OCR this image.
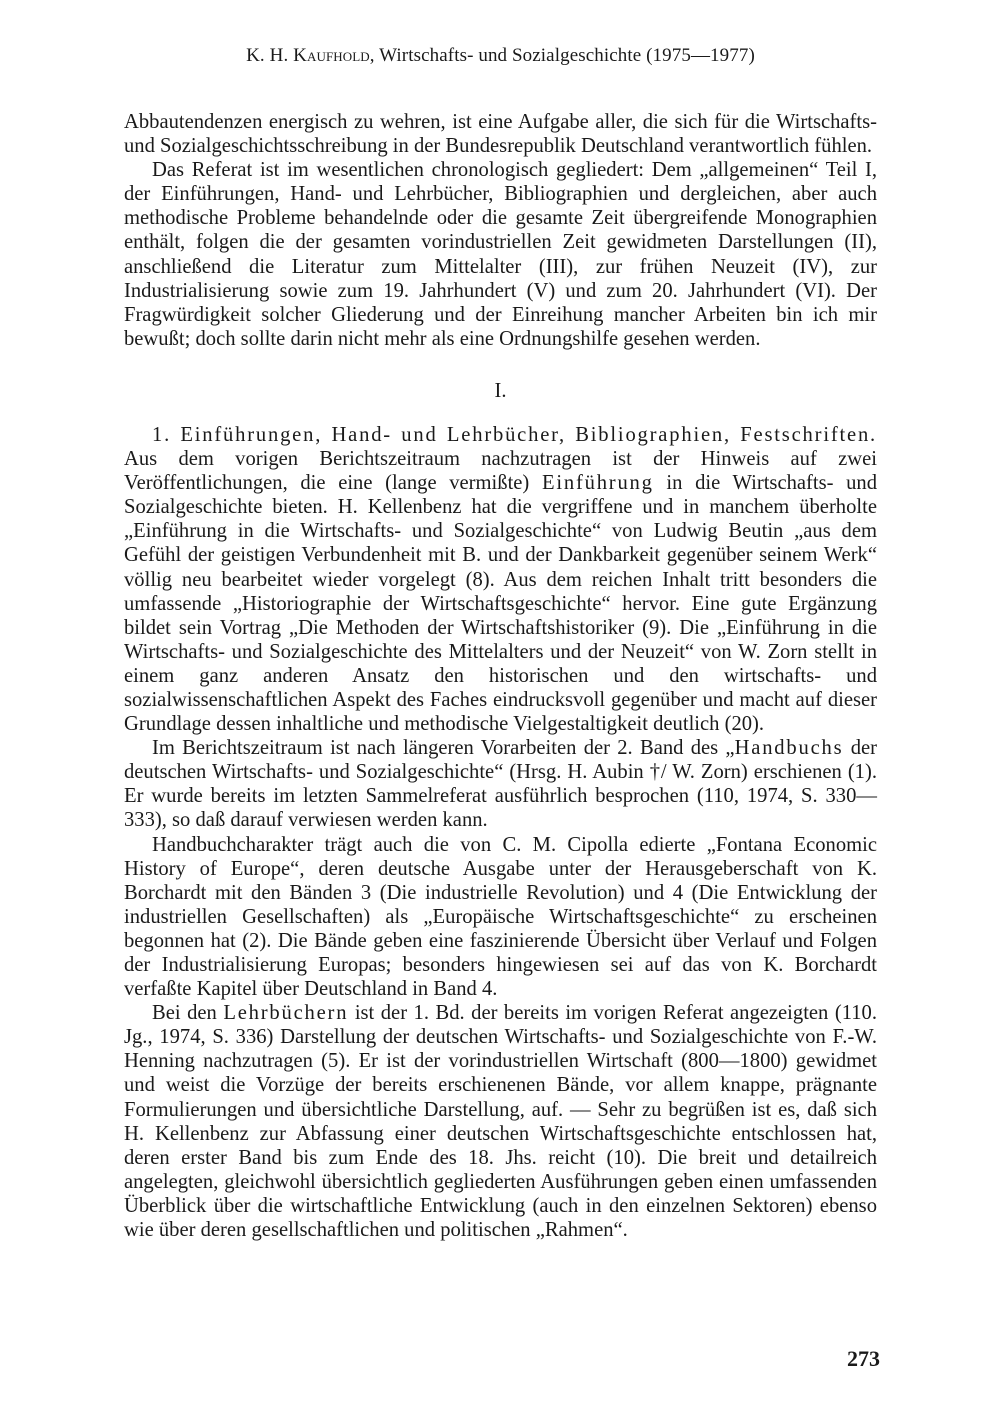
K. H. Kaufhold, Wirtschafts- und Sozialgeschichte (1975—1977)

Abbautendenzen energisch zu wehren, ist eine Aufgabe aller, die sich für die Wirtschafts- und Sozialgeschichtsschreibung in der Bundesrepublik Deutschland verantwortlich fühlen.

Das Referat ist im wesentlichen chronologisch gegliedert: Dem „allgemeinen“ Teil I, der Einführungen, Hand- und Lehrbücher, Bibliographien und dergleichen, aber auch methodische Probleme behandelnde oder die gesamte Zeit übergreifende Monographien enthält, folgen die der gesamten vorindustriellen Zeit gewidmeten Darstellungen (II), anschließend die Literatur zum Mittelalter (III), zur frühen Neuzeit (IV), zur Industrialisierung sowie zum 19. Jahrhundert (V) und zum 20. Jahrhundert (VI). Der Fragwürdigkeit solcher Gliederung und der Einreihung mancher Arbeiten bin ich mir bewußt; doch sollte darin nicht mehr als eine Ordnungshilfe gesehen werden.

I.

1. Einführungen, Hand- und Lehrbücher, Bibliographien, Festschriften. Aus dem vorigen Berichtszeitraum nachzutragen ist der Hinweis auf zwei Veröffentlichungen, die eine (lange vermißte) Einführung in die Wirtschafts- und Sozialgeschichte bieten. H. Kellenbenz hat die vergriffene und in manchem überholte „Einführung in die Wirtschafts- und Sozialgeschichte“ von Ludwig Beutin „aus dem Gefühl der geistigen Verbundenheit mit B. und der Dankbarkeit gegenüber seinem Werk“ völlig neu bearbeitet wieder vorgelegt (8). Aus dem reichen Inhalt tritt besonders die umfassende „Historiographie der Wirtschaftsgeschichte“ hervor. Eine gute Ergänzung bildet sein Vortrag „Die Methoden der Wirtschaftshistoriker (9). Die „Einführung in die Wirtschafts- und Sozialgeschichte des Mittelalters und der Neuzeit“ von W. Zorn stellt in einem ganz anderen Ansatz den historischen und den wirtschafts- und sozialwissenschaftlichen Aspekt des Faches eindrucksvoll gegenüber und macht auf dieser Grundlage dessen inhaltliche und methodische Vielgestaltigkeit deutlich (20).

Im Berichtszeitraum ist nach längeren Vorarbeiten der 2. Band des „Handbuchs der deutschen Wirtschafts- und Sozialgeschichte“ (Hrsg. H. Aubin †/ W. Zorn) erschienen (1). Er wurde bereits im letzten Sammelreferat ausführlich besprochen (110, 1974, S. 330—333), so daß darauf verwiesen werden kann.

Handbuchcharakter trägt auch die von C. M. Cipolla edierte „Fontana Economic History of Europe“, deren deutsche Ausgabe unter der Herausgeberschaft von K. Borchardt mit den Bänden 3 (Die industrielle Revolution) und 4 (Die Entwicklung der industriellen Gesellschaften) als „Europäische Wirtschaftsgeschichte“ zu erscheinen begonnen hat (2). Die Bände geben eine faszinierende Übersicht über Verlauf und Folgen der Industrialisierung Europas; besonders hingewiesen sei auf das von K. Borchardt verfaßte Kapitel über Deutschland in Band 4.

Bei den Lehrbüchern ist der 1. Bd. der bereits im vorigen Referat angezeigten (110. Jg., 1974, S. 336) Darstellung der deutschen Wirtschafts- und Sozialgeschichte von F.-W. Henning nachzutragen (5). Er ist der vorindustriellen Wirtschaft (800—1800) gewidmet und weist die Vorzüge der bereits erschienenen Bände, vor allem knappe, prägnante Formulierungen und übersichtliche Darstellung, auf. — Sehr zu begrüßen ist es, daß sich H. Kellenbenz zur Abfassung einer deutschen Wirtschaftsgeschichte entschlossen hat, deren erster Band bis zum Ende des 18. Jhs. reicht (10). Die breit und detailreich angelegten, gleichwohl übersichtlich gegliederten Ausführungen geben einen umfassenden Überblick über die wirtschaftliche Entwicklung (auch in den einzelnen Sektoren) ebenso wie über deren gesellschaftlichen und politischen „Rahmen“.

273
